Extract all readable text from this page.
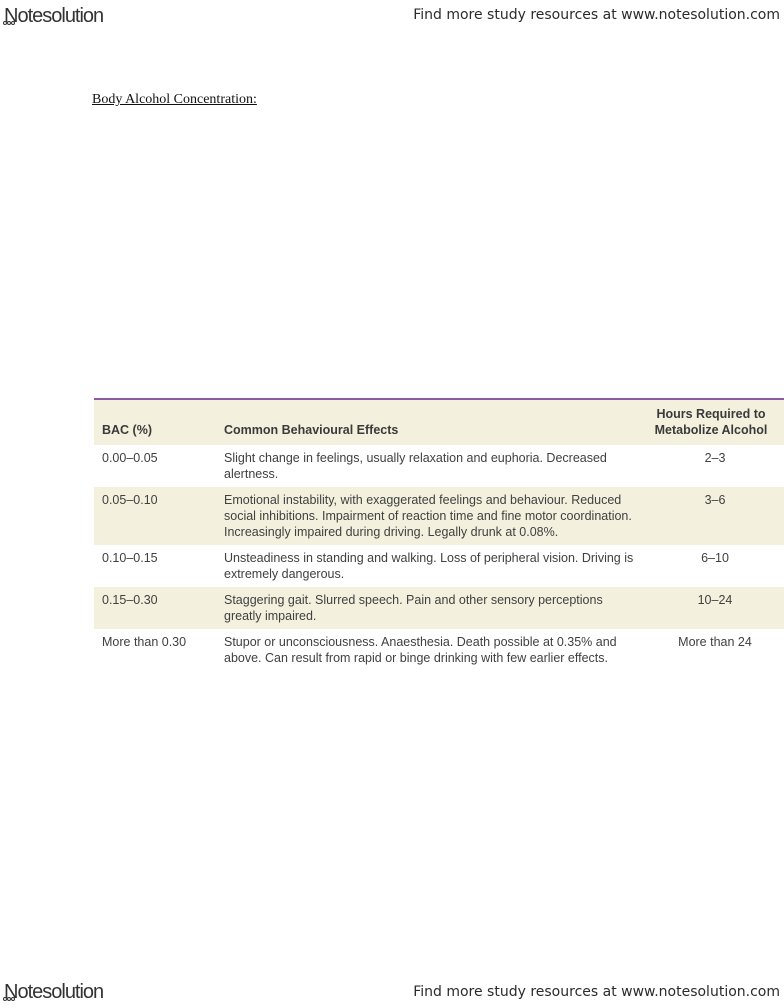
Notesolution	Find more study resources at www.notesolution.com
Body Alcohol Concentration:
BAC (%)	Common Behavioural Effects	Hours Required to Metabolize Alcohol
0.00–0.05	Slight change in feelings, usually relaxation and euphoria. Decreased alertness.	2–3
0.05–0.10	Emotional instability, with exaggerated feelings and behaviour. Reduced social inhibitions. Impairment of reaction time and fine motor coordination. Increasingly impaired during driving. Legally drunk at 0.08%.	3–6
0.10–0.15	Unsteadiness in standing and walking. Loss of peripheral vision. Driving is extremely dangerous.	6–10
0.15–0.30	Staggering gait. Slurred speech. Pain and other sensory perceptions greatly impaired.	10–24
More than 0.30	Stupor or unconsciousness. Anaesthesia. Death possible at 0.35% and above. Can result from rapid or binge drinking with few earlier effects.	More than 24
Notesolution	Find more study resources at www.notesolution.com
